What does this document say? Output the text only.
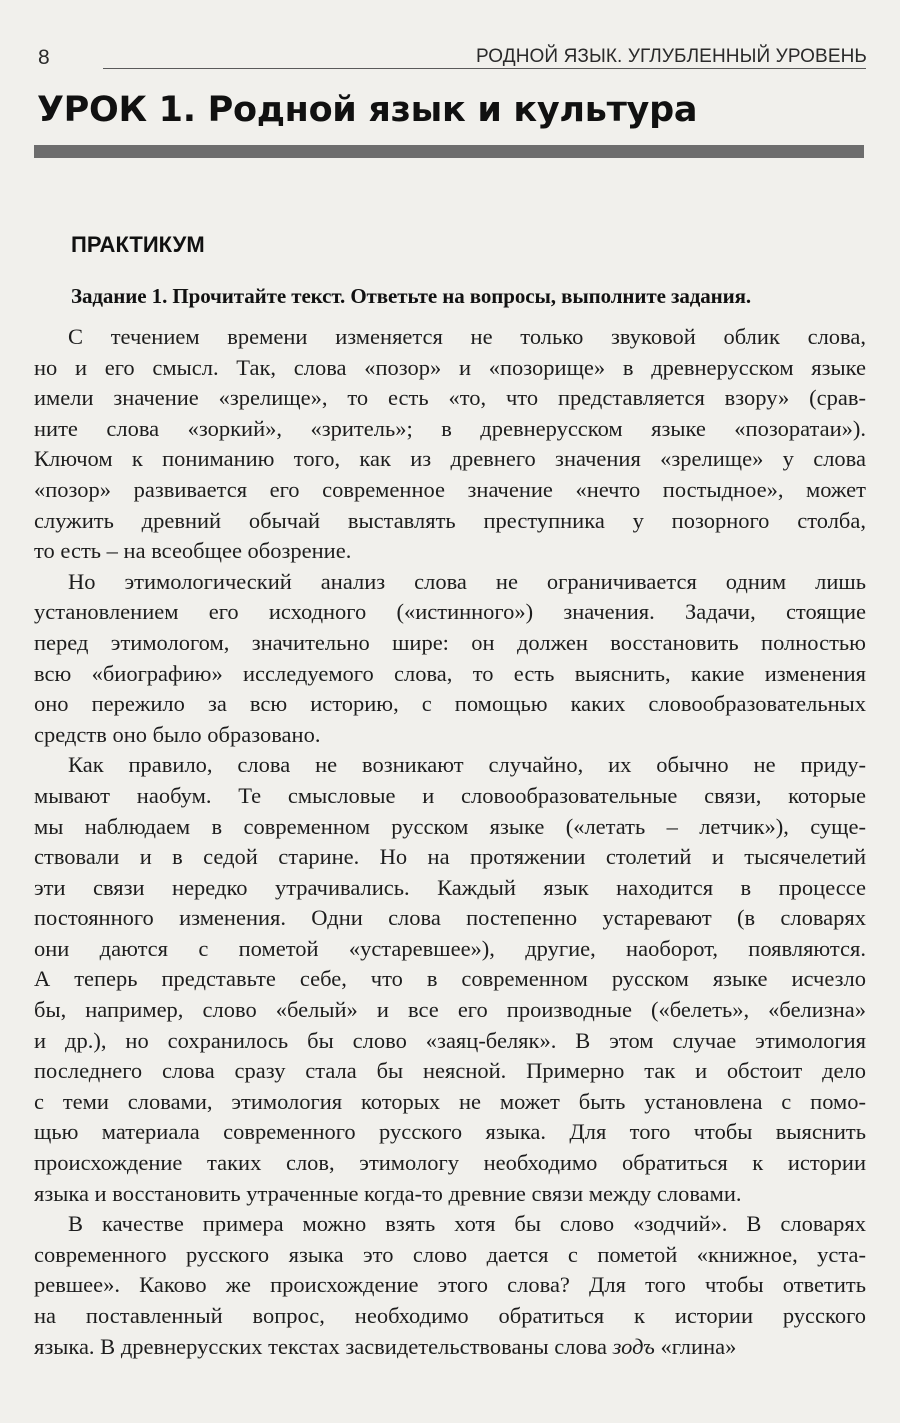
8	РОДНОЙ ЯЗЫК. УГЛУБЛЕННЫЙ УРОВЕНЬ
УРОК 1. Родной язык и культура
ПРАКТИКУМ
Задание 1. Прочитайте текст. Ответьте на вопросы, выполните задания.

С течением времени изменяется не только звуковой облик слова,
но и его смысл. Так, слова «позор» и «позорище» в древнерусском языке
имели значение «зрелище», то есть «то, что представляется взору» (срав-
ните слова «зоркий», «зритель»; в древнерусском языке «позоратаи»).
Ключом к пониманию того, как из древнего значения «зрелище» у слова
«позор» развивается его современное значение «нечто постыдное», может
служить древний обычай выставлять преступника у позорного столба,
то есть – на всеобщее обозрение.

Но этимологический анализ слова не ограничивается одним лишь
установлением его исходного («истинного») значения. Задачи, стоящие
перед этимологом, значительно шире: он должен восстановить полностью
всю «биографию» исследуемого слова, то есть выяснить, какие изменения
оно пережило за всю историю, с помощью каких словообразовательных
средств оно было образовано.

Как правило, слова не возникают случайно, их обычно не приду-
мывают наобум. Те смысловые и словообразовательные связи, которые
мы наблюдаем в современном русском языке («летать – летчик»), суще-
ствовали и в седой старине. Но на протяжении столетий и тысячелетий
эти связи нередко утрачивались. Каждый язык находится в процессе
постоянного изменения. Одни слова постепенно устаревают (в словарях
они даются с пометой «устаревшее»), другие, наоборот, появляются.
А теперь представьте себе, что в современном русском языке исчезло
бы, например, слово «белый» и все его производные («белеть», «белизна»
и др.), но сохранилось бы слово «заяц-беляк». В этом случае этимология
последнего слова сразу стала бы неясной. Примерно так и обстоит дело
с теми словами, этимология которых не может быть установлена с помо-
щью материала современного русского языка. Для того чтобы выяснить
происхождение таких слов, этимологу необходимо обратиться к истории
языка и восстановить утраченные когда-то древние связи между словами.

В качестве примера можно взять хотя бы слово «зодчий». В словарях
современного русского языка это слово дается с пометой «книжное, уста-
ревшее». Каково же происхождение этого слова? Для того чтобы ответить
на поставленный вопрос, необходимо обратиться к истории русского
языка. В древнерусских текстах засвидетельствованы слова зодъ «глина»
